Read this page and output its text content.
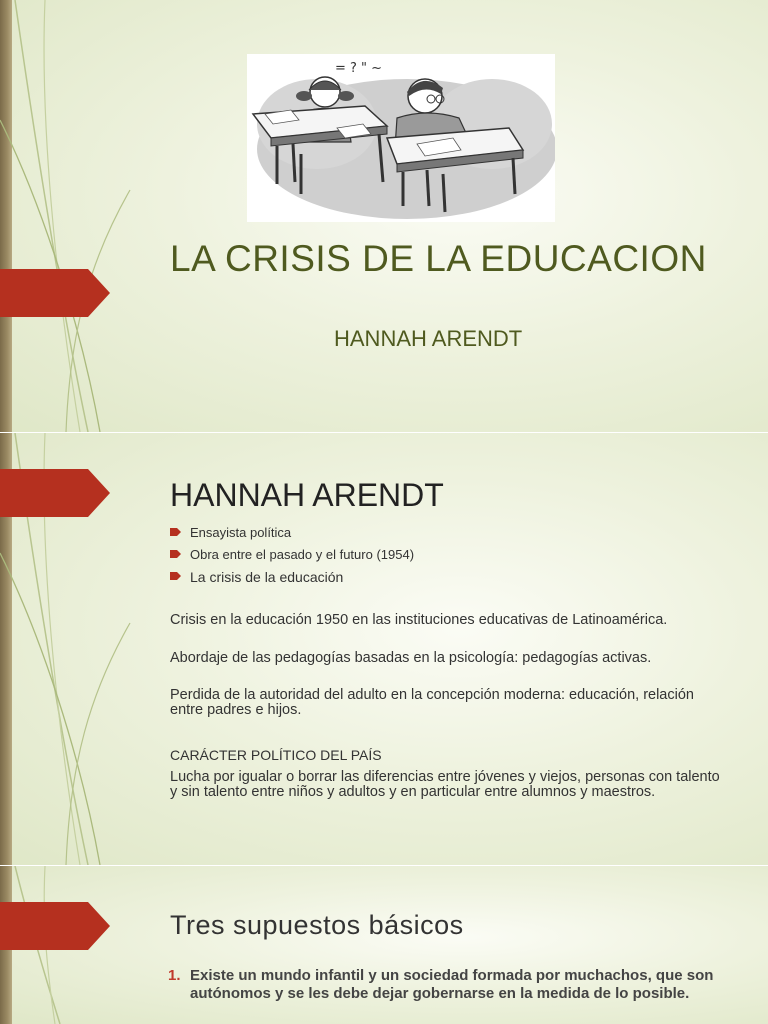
= ? " ~
LA CRISIS DE LA EDUCACION
HANNAH ARENDT
HANNAH ARENDT
Ensayista política
Obra entre el pasado y el futuro (1954)
La crisis de la educación

Crisis en la educación 1950 en las instituciones educativas de Latinoamérica.

Abordaje de las pedagogías basadas en la psicología: pedagogías activas.

Perdida de la autoridad del adulto en la concepción moderna: educación, relación entre padres e hijos.

CARÁCTER POLÍTICO DEL PAÍS

Lucha por igualar o borrar las diferencias entre jóvenes y viejos, personas con talento y sin talento entre niños y adultos y en particular entre alumnos y maestros.

Tres supuestos básicos
1. Existe un mundo infantil y un sociedad formada por muchachos, que son autónomos y se les debe dejar gobernarse en la medida de lo posible.
